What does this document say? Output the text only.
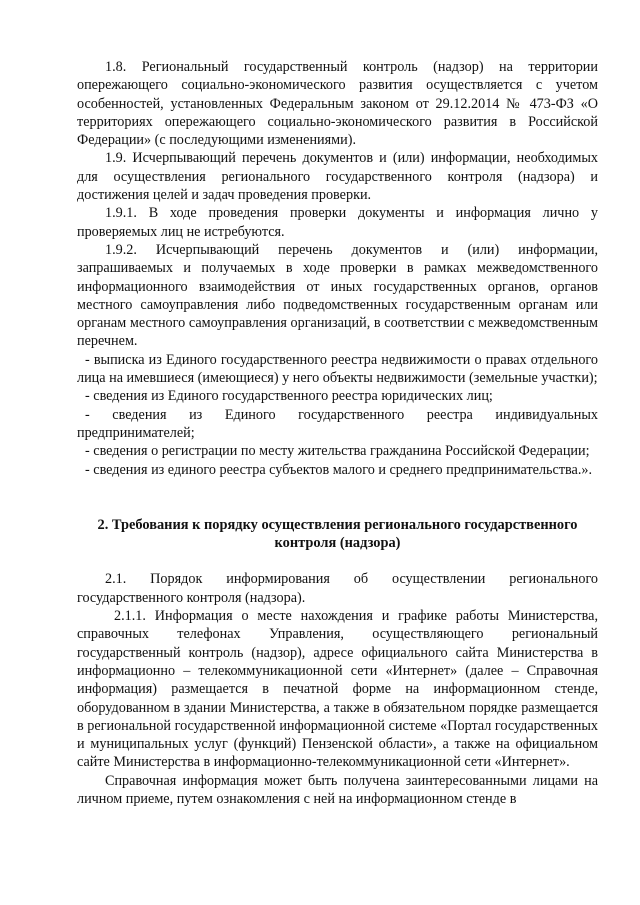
1.8. Региональный государственный контроль (надзор) на территории опережающего социально-экономического развития осуществляется с учетом особенностей, установленных Федеральным законом от 29.12.2014 № 473-ФЗ «О территориях опережающего социально-экономического развития в Российской Федерации» (с последующими изменениями).

1.9. Исчерпывающий перечень документов и (или) информации, необходимых для осуществления регионального государственного контроля (надзора) и достижения целей и задач проведения проверки.

1.9.1. В ходе проведения проверки документы и информация лично у проверяемых лиц не истребуются.

1.9.2. Исчерпывающий перечень документов и (или) информации, запрашиваемых и получаемых в ходе проверки в рамках межведомственного информационного взаимодействия от иных государственных органов, органов местного самоуправления либо подведомственных государственным органам или органам местного самоуправления организаций, в соответствии с межведомственным перечнем.

- выписка из Единого государственного реестра недвижимости о правах отдельного лица на имевшиеся (имеющиеся) у него объекты недвижимости (земельные участки);

- сведения из Единого государственного реестра юридических лиц;

- сведения из Единого государственного реестра индивидуальных предпринимателей;

- сведения о регистрации по месту жительства гражданина Российской Федерации;

- сведения из единого реестра субъектов малого и среднего предпринимательства.».

2. Требования к порядку осуществления регионального государственного контроля (надзора)

2.1. Порядок информирования об осуществлении регионального государственного контроля (надзора).

2.1.1. Информация о месте нахождения и графике работы Министерства, справочных телефонах Управления, осуществляющего региональный государственный контроль (надзор), адресе официального сайта Министерства в информационно – телекоммуникационной сети «Интернет» (далее – Справочная информация) размещается в печатной форме на информационном стенде, оборудованном в здании Министерства, а также в обязательном порядке размещается в региональной государственной информационной системе «Портал государственных и муниципальных услуг (функций) Пензенской области», а также на официальном сайте Министерства в информационно-телекоммуникационной сети «Интернет».

Справочная информация может быть получена заинтересованными лицами на личном приеме, путем ознакомления с ней на информационном стенде в
